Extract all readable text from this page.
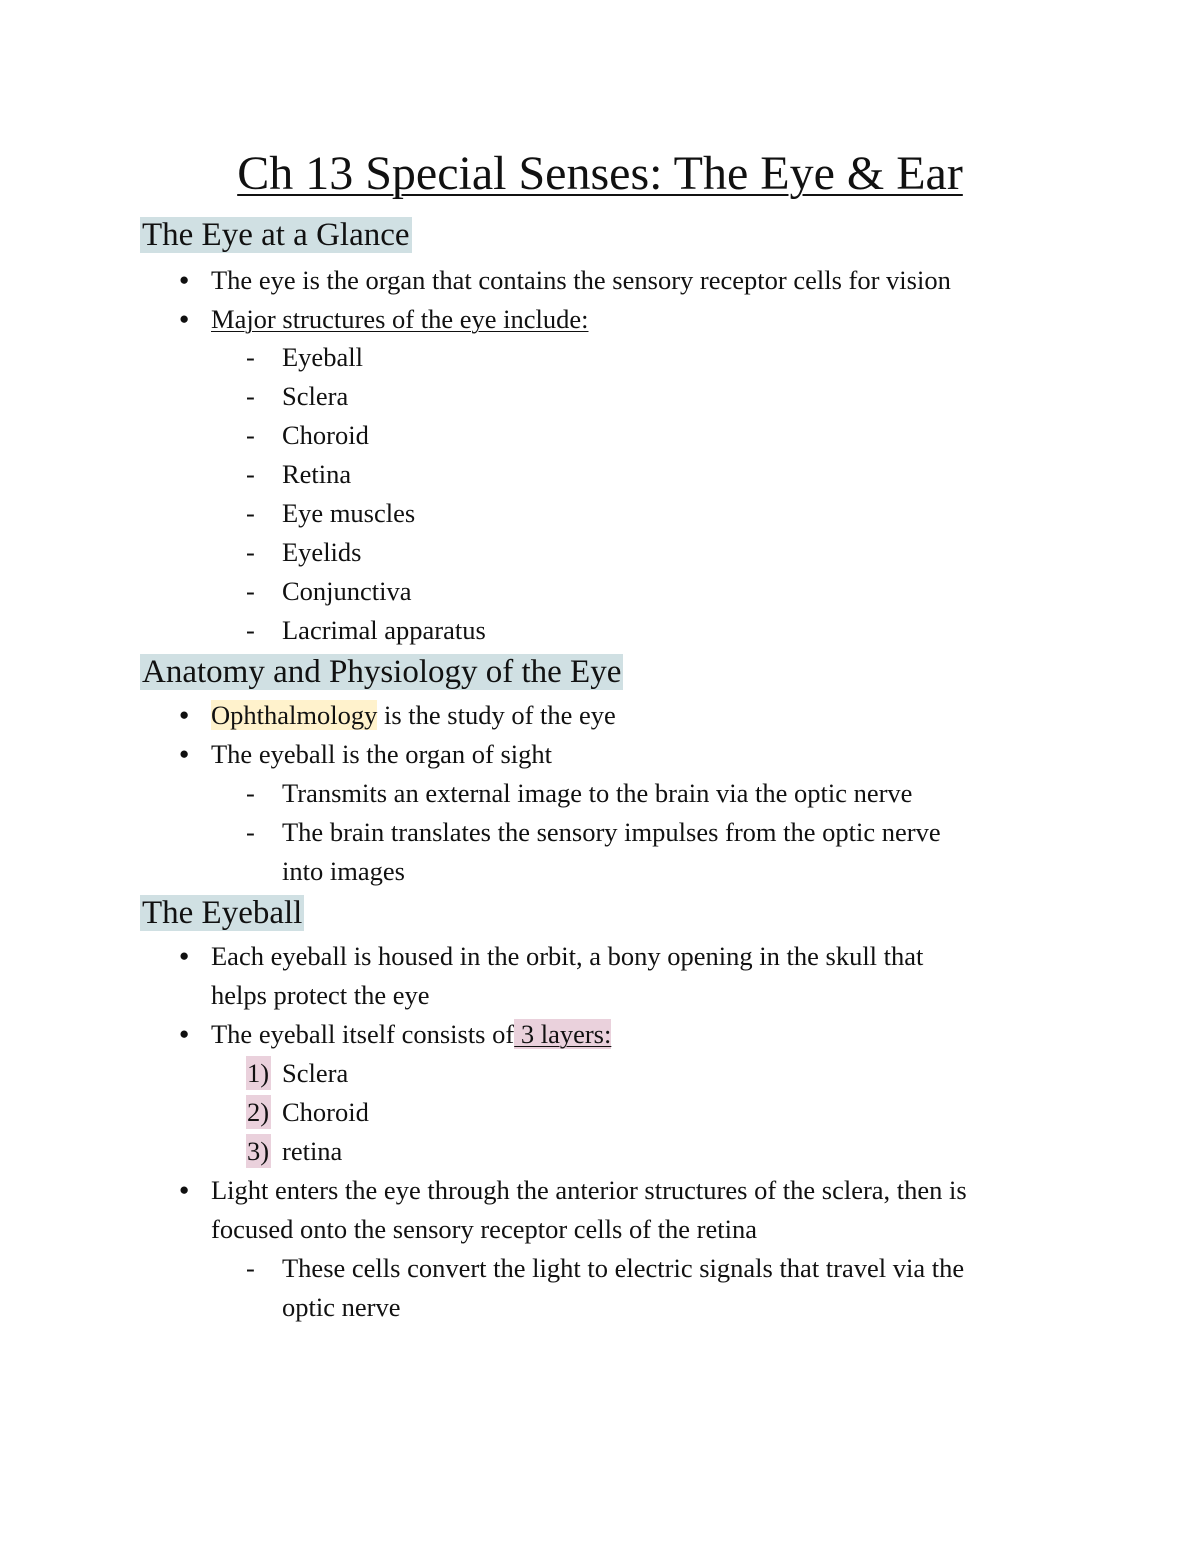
Ch 13 Special Senses: The Eye & Ear
The Eye at a Glance
● The eye is the organ that contains the sensory receptor cells for vision
● Major structures of the eye include:
- Eyeball
- Sclera
- Choroid
- Retina
- Eye muscles
- Eyelids
- Conjunctiva
- Lacrimal apparatus
Anatomy and Physiology of the Eye
● Ophthalmology is the study of the eye
● The eyeball is the organ of sight
- Transmits an external image to the brain via the optic nerve
- The brain translates the sensory impulses from the optic nerve
into images
The Eyeball
● Each eyeball is housed in the orbit, a bony opening in the skull that
helps protect the eye
● The eyeball itself consists of 3 layers:
1) Sclera
2) Choroid
3) retina
● Light enters the eye through the anterior structures of the sclera, then is
focused onto the sensory receptor cells of the retina
- These cells convert the light to electric signals that travel via the
optic nerve
